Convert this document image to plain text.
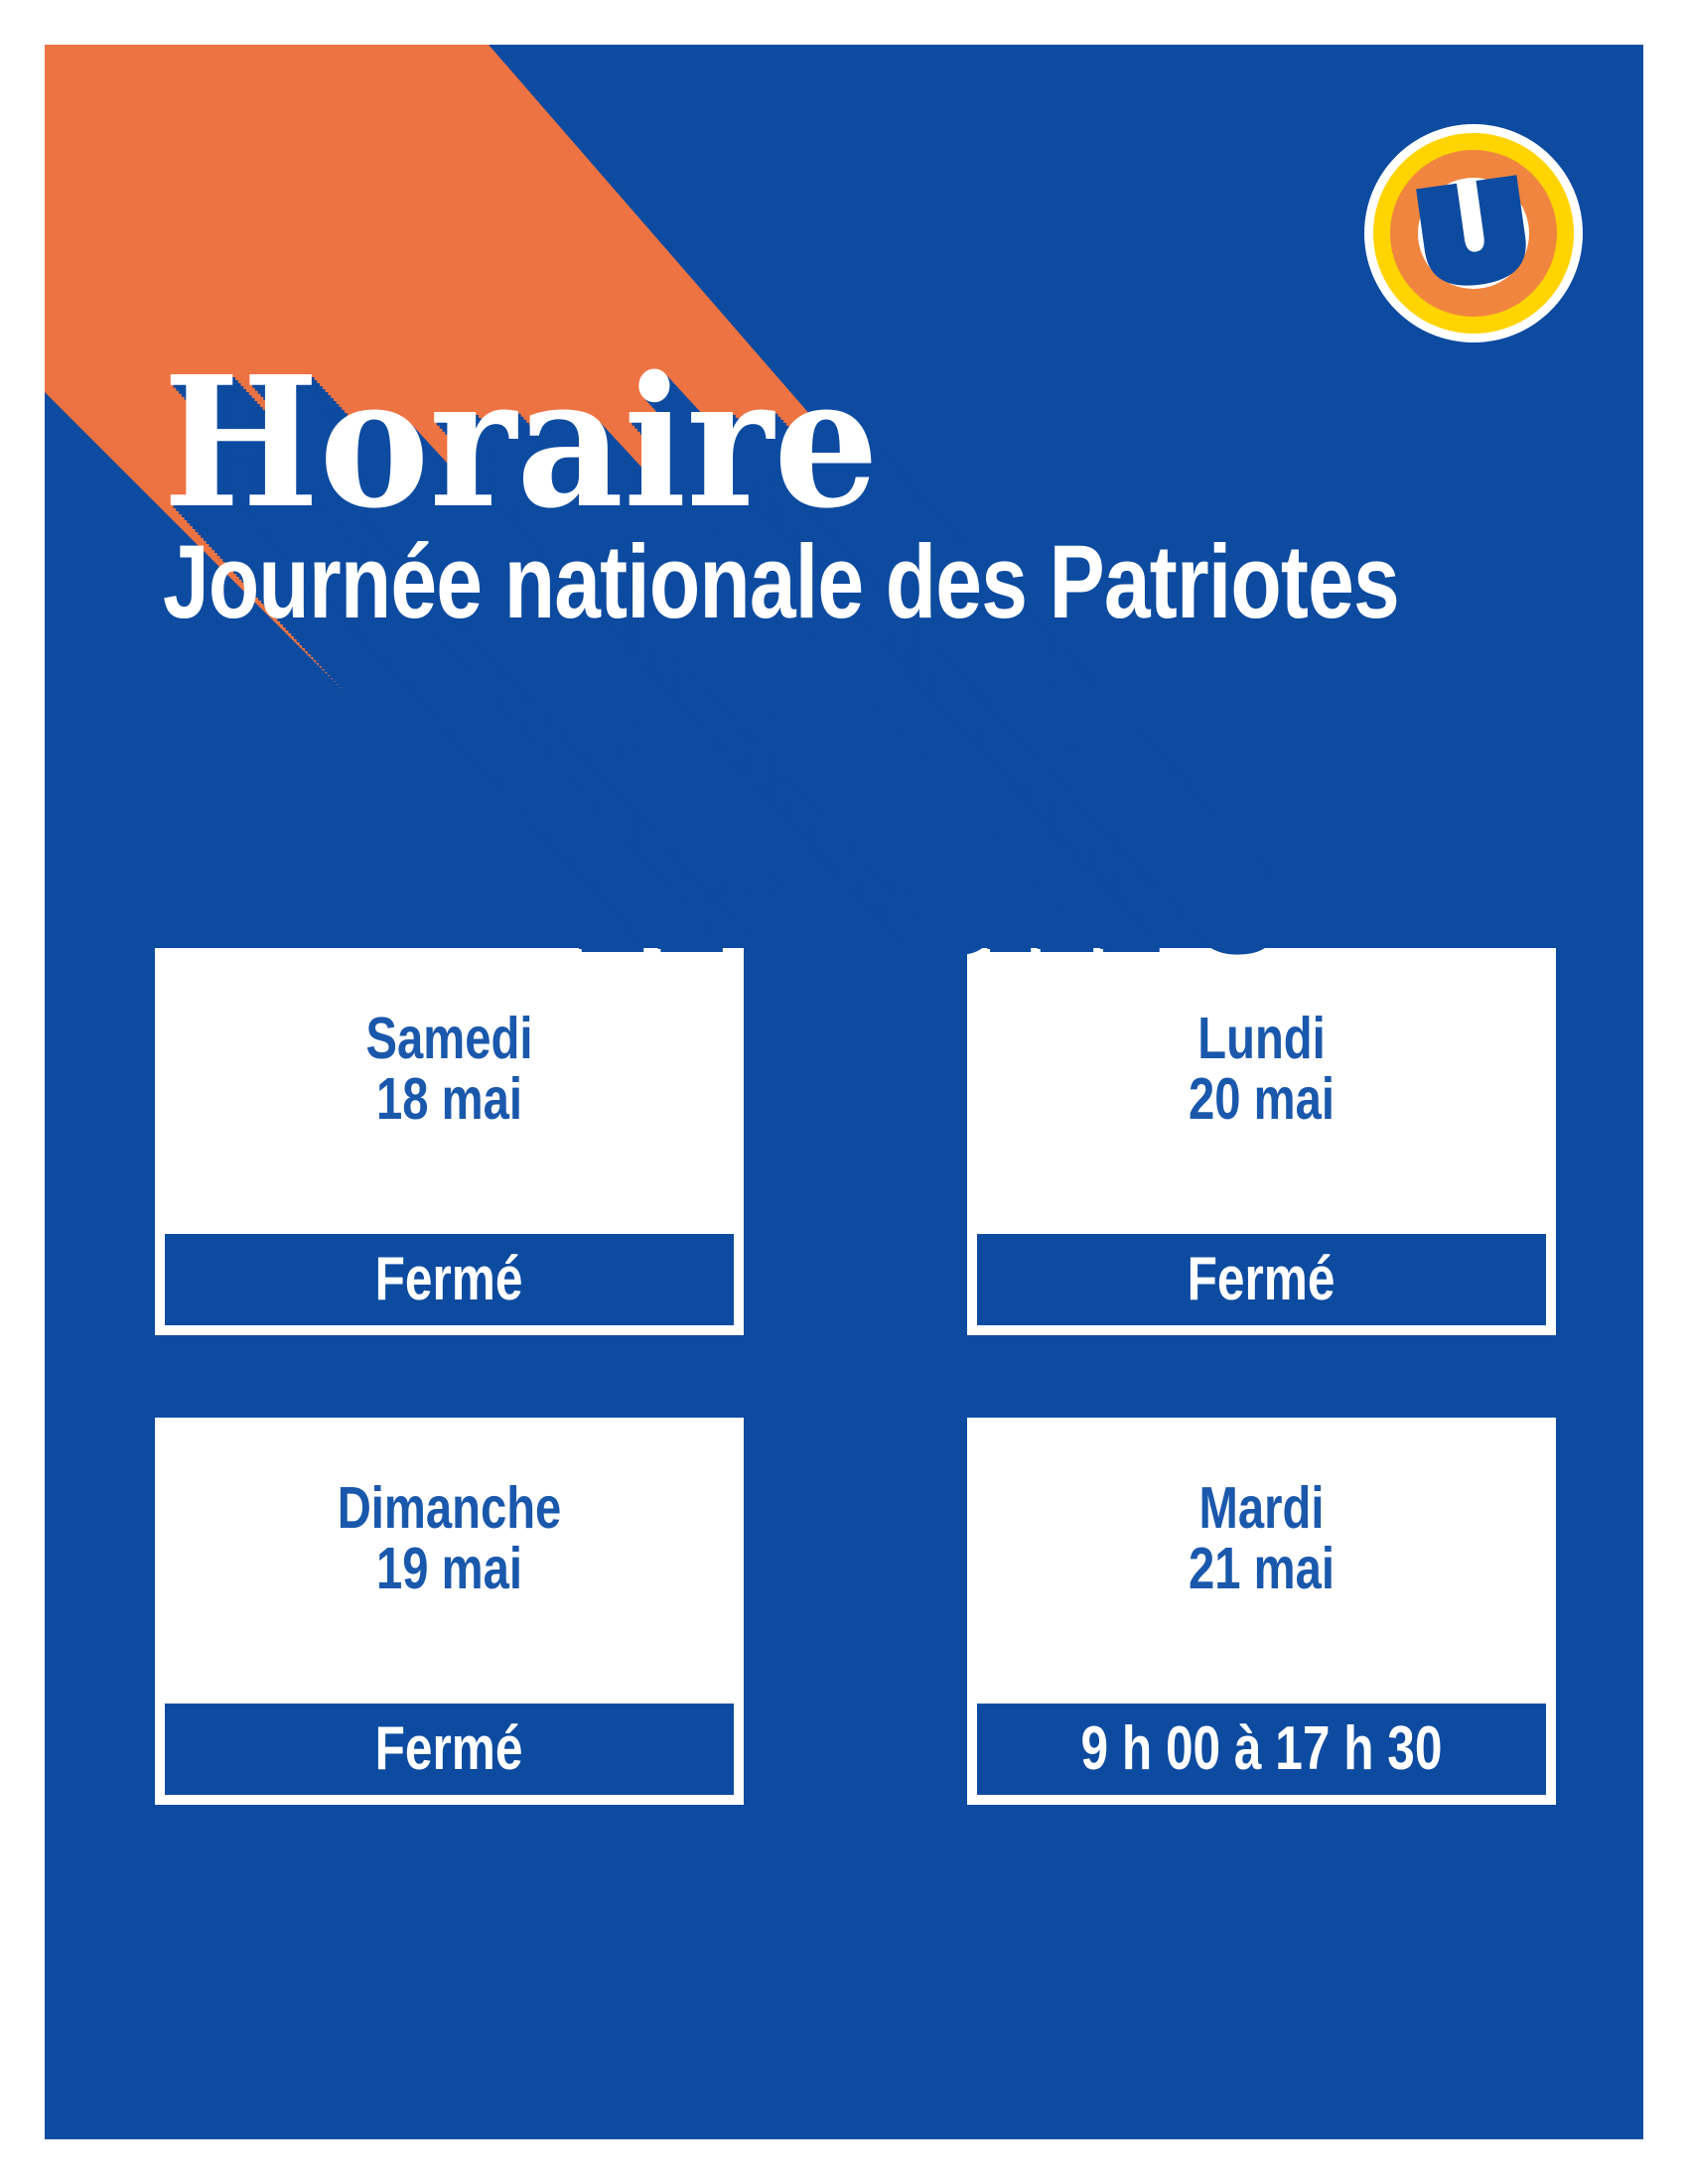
Horaire
Journée nationale des Patriotes
Samedi
18 mai
Fermé
Lundi
20 mai
Fermé
Dimanche
19 mai
Fermé
Mardi
21 mai
9 h 00 à 17 h 30
